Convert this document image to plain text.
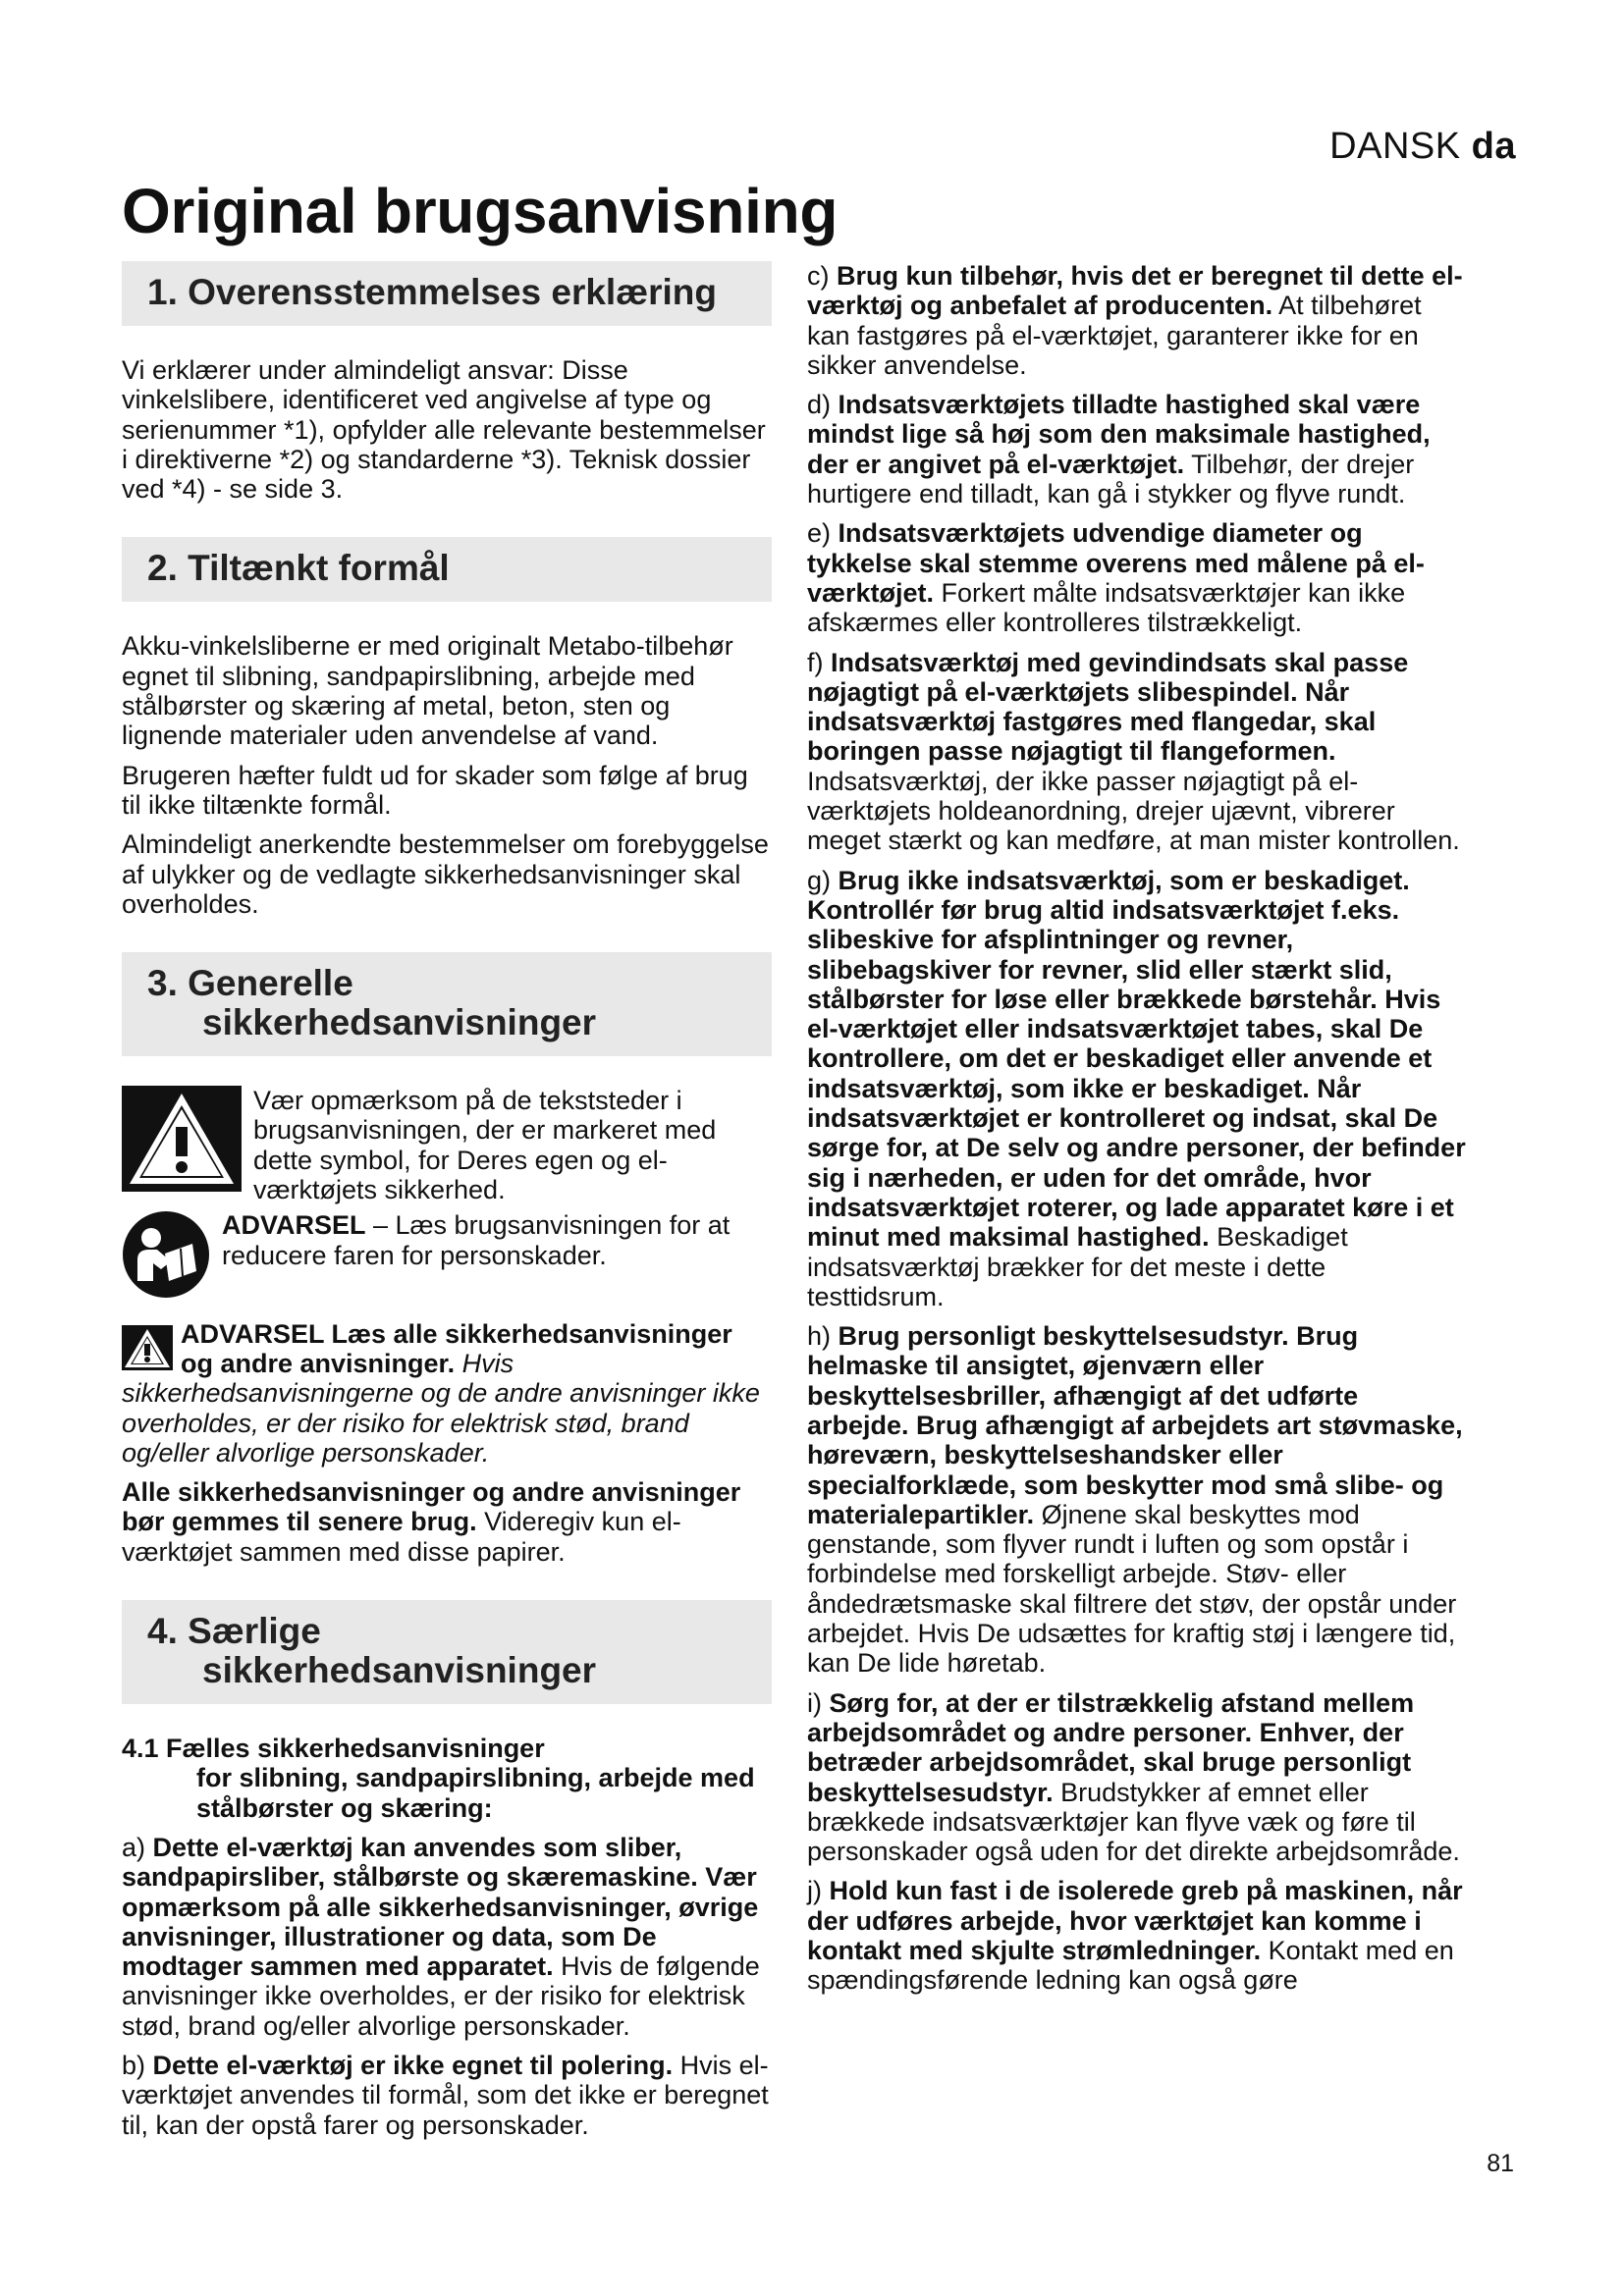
DANSK da
Original brugsanvisning
1. Overensstemmelses erklæring

Vi erklærer under almindeligt ansvar: Disse vinkelslibere, identificeret ved angivelse af type og serienummer *1), opfylder alle relevante bestemmelser i direktiverne *2) og standarderne *3). Teknisk dossier ved *4) - se side 3.

2. Tiltænkt formål

Akku-vinkelsliberne er med originalt Metabo-tilbehør egnet til slibning, sandpapirslibning, arbejde med stålbørster og skæring af metal, beton, sten og lignende materialer uden anvendelse af vand.

Brugeren hæfter fuldt ud for skader som følge af brug til ikke tiltænkte formål.

Almindeligt anerkendte bestemmelser om forebyggelse af ulykker og de vedlagte sikkerhedsanvisninger skal overholdes.

3. Generelle
sikkerhedsanvisninger
Vær opmærksom på de tekststeder i brugsanvisningen, der er markeret med dette symbol, for Deres egen og el-værktøjets sikkerhed.
ADVARSEL – Læs brugsanvisningen for at reducere faren for personskader.

ADVARSEL Læs alle sikkerhedsanvisninger og andre anvisninger. Hvis sikkerhedsanvisningerne og de andre anvisninger ikke overholdes, er der risiko for elektrisk stød, brand og/eller alvorlige personskader.

Alle sikkerhedsanvisninger og andre anvisninger bør gemmes til senere brug. Videregiv kun el-værktøjet sammen med disse papirer.

4. Særlige
sikkerhedsanvisninger

4.1 Fælles sikkerhedsanvisninger
for slibning, sandpapirslibning, arbejde med stålbørster og skæring:

a) Dette el-værktøj kan anvendes som sliber, sandpapirsliber, stålbørste og skæremaskine. Vær opmærksom på alle sikkerhedsanvisninger, øvrige anvisninger, illustrationer og data, som De modtager sammen med apparatet. Hvis de følgende anvisninger ikke overholdes, er der risiko for elektrisk stød, brand og/eller alvorlige personskader.

b) Dette el-værktøj er ikke egnet til polering. Hvis el-værktøjet anvendes til formål, som det ikke er beregnet til, kan der opstå farer og personskader.

c) Brug kun tilbehør, hvis det er beregnet til dette el-værktøj og anbefalet af producenten. At tilbehøret kan fastgøres på el-værktøjet, garanterer ikke for en sikker anvendelse.

d) Indsatsværktøjets tilladte hastighed skal være mindst lige så høj som den maksimale hastighed, der er angivet på el-værktøjet. Tilbehør, der drejer hurtigere end tilladt, kan gå i stykker og flyve rundt.

e) Indsatsværktøjets udvendige diameter og tykkelse skal stemme overens med målene på el-værktøjet. Forkert målte indsatsværktøjer kan ikke afskærmes eller kontrolleres tilstrækkeligt.

f) Indsatsværktøj med gevindindsats skal passe nøjagtigt på el-værktøjets slibespindel. Når indsatsværktøj fastgøres med flangedar, skal boringen passe nøjagtigt til flangeformen. Indsatsværktøj, der ikke passer nøjagtigt på el-værktøjets holdeanordning, drejer ujævnt, vibrerer meget stærkt og kan medføre, at man mister kontrollen.

g) Brug ikke indsatsværktøj, som er beskadiget. Kontrollér før brug altid indsatsværktøjet f.eks. slibeskive for afsplintninger og revner, slibebagskiver for revner, slid eller stærkt slid, stålbørster for løse eller brækkede børstehår. Hvis el-værktøjet eller indsatsværktøjet tabes, skal De kontrollere, om det er beskadiget eller anvende et indsatsværktøj, som ikke er beskadiget. Når indsatsværktøjet er kontrolleret og indsat, skal De sørge for, at De selv og andre personer, der befinder sig i nærheden, er uden for det område, hvor indsatsværktøjet roterer, og lade apparatet køre i et minut med maksimal hastighed. Beskadiget indsatsværktøj brækker for det meste i dette testtidsrum.

h) Brug personligt beskyttelsesudstyr. Brug helmaske til ansigtet, øjenværn eller beskyttelsesbriller, afhængigt af det udførte arbejde. Brug afhængigt af arbejdets art støvmaske, høreværn, beskyttelseshandsker eller specialforklæde, som beskytter mod små slibe- og materialepartikler. Øjnene skal beskyttes mod genstande, som flyver rundt i luften og som opstår i forbindelse med forskelligt arbejde. Støv- eller åndedrætsmaske skal filtrere det støv, der opstår under arbejdet. Hvis De udsættes for kraftig støj i længere tid, kan De lide høretab.

i) Sørg for, at der er tilstrækkelig afstand mellem arbejdsområdet og andre personer. Enhver, der betræder arbejdsområdet, skal bruge personligt beskyttelsesudstyr. Brudstykker af emnet eller brækkede indsatsværktøjer kan flyve væk og føre til personskader også uden for det direkte arbejdsområde.

j) Hold kun fast i de isolerede greb på maskinen, når der udføres arbejde, hvor værktøjet kan komme i kontakt med skjulte strømledninger. Kontakt med en spændingsførende ledning kan også gøre

81
